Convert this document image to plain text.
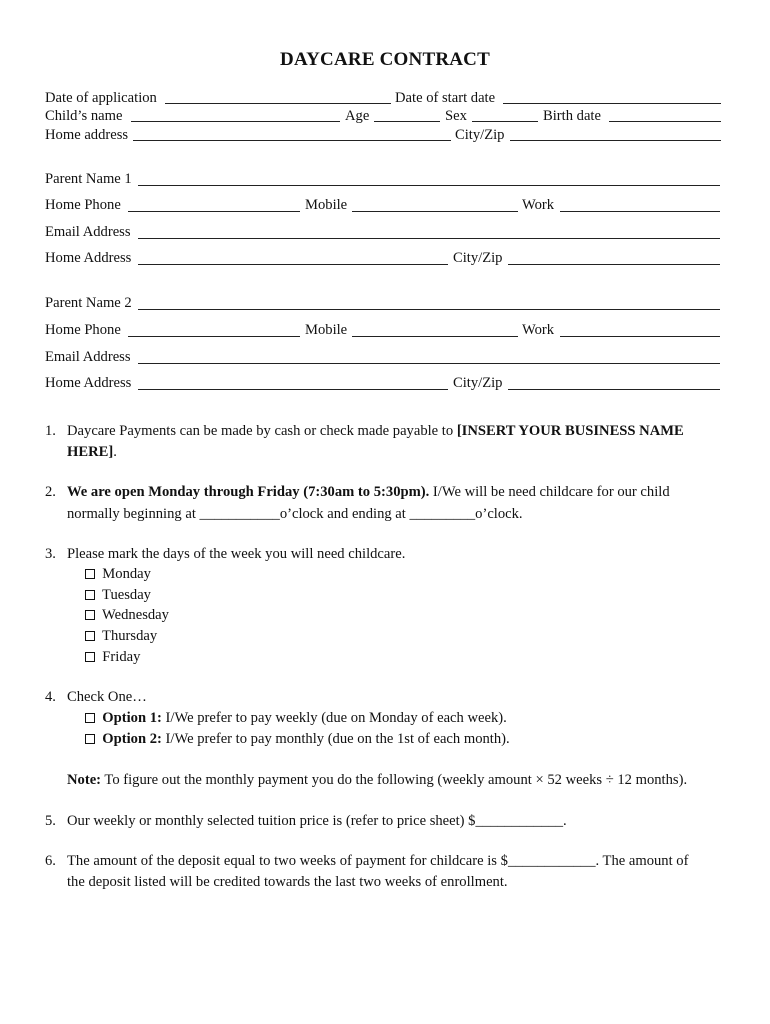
DAYCARE CONTRACT
Date of application	Date of start date
Child’s name	Age	Sex	Birth date
Home address	City/Zip
Parent Name 1
Home Phone	Mobile	Work
Email Address
Home Address	City/Zip
Parent Name 2
Home Phone	Mobile	Work
Email Address
Home Address	City/Zip
1. Daycare Payments can be made by cash or check made payable to [INSERT YOUR BUSINESS NAME
HERE].
2. We are open Monday through Friday (7:30am to 5:30pm). I/We will be need childcare for our child
normally beginning at ___________o’clock and ending at _________o’clock.
3. Please mark the days of the week you will need childcare.
Monday
Tuesday
Wednesday
Thursday
Friday
4. Check One…
Option 1: I/We prefer to pay weekly (due on Monday of each week).
Option 2: I/We prefer to pay monthly (due on the 1st of each month).
Note: To figure out the monthly payment you do the following (weekly amount × 52 weeks ÷ 12 months).
5. Our weekly or monthly selected tuition price is (refer to price sheet) $____________.
6. The amount of the deposit equal to two weeks of payment for childcare is $____________. The amount of
the deposit listed will be credited towards the last two weeks of enrollment.
